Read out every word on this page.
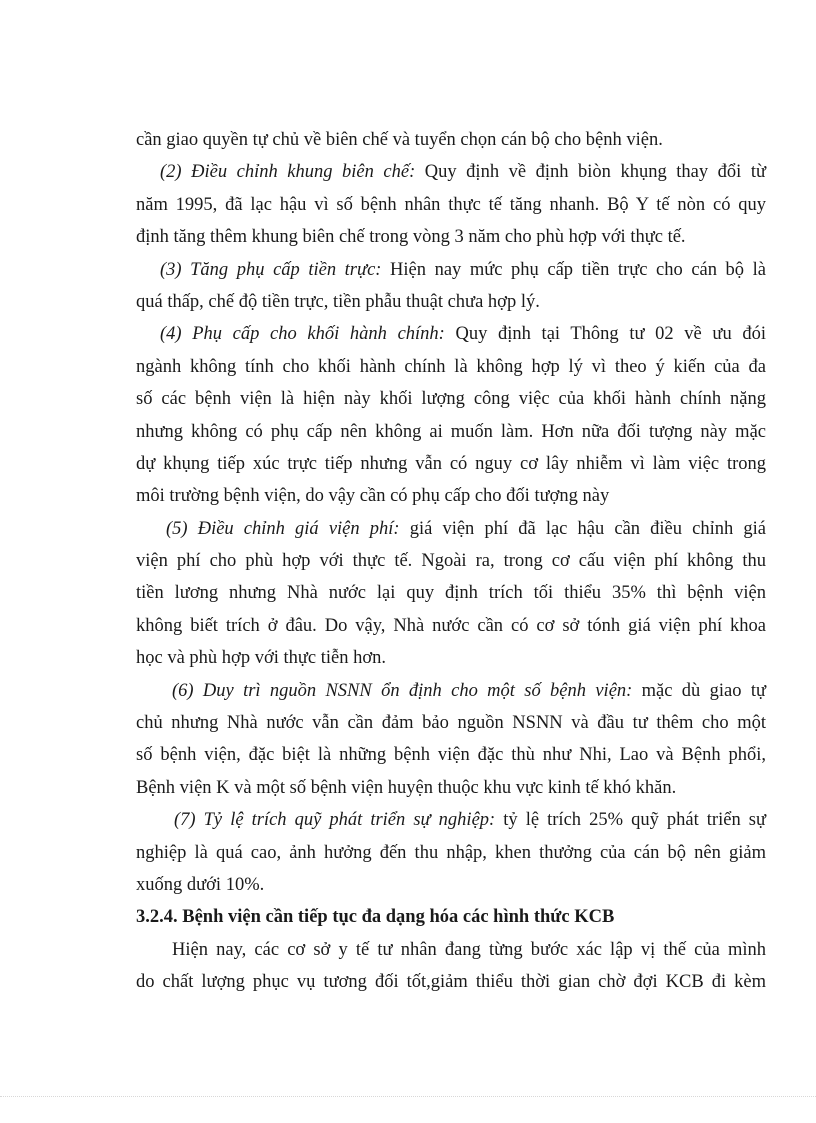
cần giao quyền tự chủ về biên chế và tuyển chọn cán bộ cho bệnh viện.
(2) Điều chỉnh khung biên chế: Quy định về định biòn khụng thay đổi từ
năm 1995, đã lạc hậu vì số bệnh nhân thực tế tăng nhanh. Bộ Y tế nòn có quy
định tăng thêm khung biên chế trong vòng 3 năm cho phù hợp với thực tế.
(3) Tăng phụ cấp tiền trực: Hiện nay mức phụ cấp tiền trực cho cán bộ là
quá thấp, chế độ tiền trực, tiền phẫu thuật chưa hợp lý.
(4) Phụ cấp cho khối hành chính: Quy định tại Thông tư 02 về ưu đói
ngành không tính cho khối hành chính là không hợp lý vì theo ý kiến của đa
số các bệnh viện là hiện này khối lượng công việc của khối hành chính nặng
nhưng không có phụ cấp nên không ai muốn làm. Hơn nữa đối tượng này mặc
dự khụng tiếp xúc trực tiếp nhưng vẫn có nguy cơ lây nhiễm vì làm việc trong
môi trường bệnh viện, do vậy cần có phụ cấp cho đối tượng này
(5) Điều chỉnh giá viện phí: giá viện phí đã lạc hậu cần điều chỉnh giá
viện phí cho phù hợp với thực tế. Ngoài ra, trong cơ cấu viện phí không thu
tiền lương nhưng Nhà nước lại quy định trích tối thiểu 35% thì bệnh viện
không biết trích ở đâu. Do vậy, Nhà nước cần có cơ sở tónh giá viện phí khoa
học và phù hợp với thực tiễn hơn.
(6) Duy trì nguồn NSNN ổn định cho một số bệnh viện: mặc dù giao tự
chủ nhưng Nhà nước vẫn cần đảm bảo nguồn NSNN và đầu tư thêm cho một
số bệnh viện, đặc biệt là những bệnh viện đặc thù như Nhi, Lao và Bệnh phổi,
Bệnh viện K và một số bệnh viện huyện thuộc khu vực kinh tế khó khăn.
(7) Tỷ lệ trích quỹ phát triển sự nghiệp: tỷ lệ trích 25% quỹ phát triển sự
nghiệp là quá cao, ảnh hưởng đến thu nhập, khen thưởng của cán bộ nên giảm
xuống dưới 10%.
3.2.4. Bệnh viện cần tiếp tục đa dạng hóa các hình thức KCB
Hiện nay, các cơ sở y tế tư nhân đang từng bước xác lập vị thế của mình
do chất lượng phục vụ tương đối tốt,giảm thiểu thời gian chờ đợi KCB đi kèm
